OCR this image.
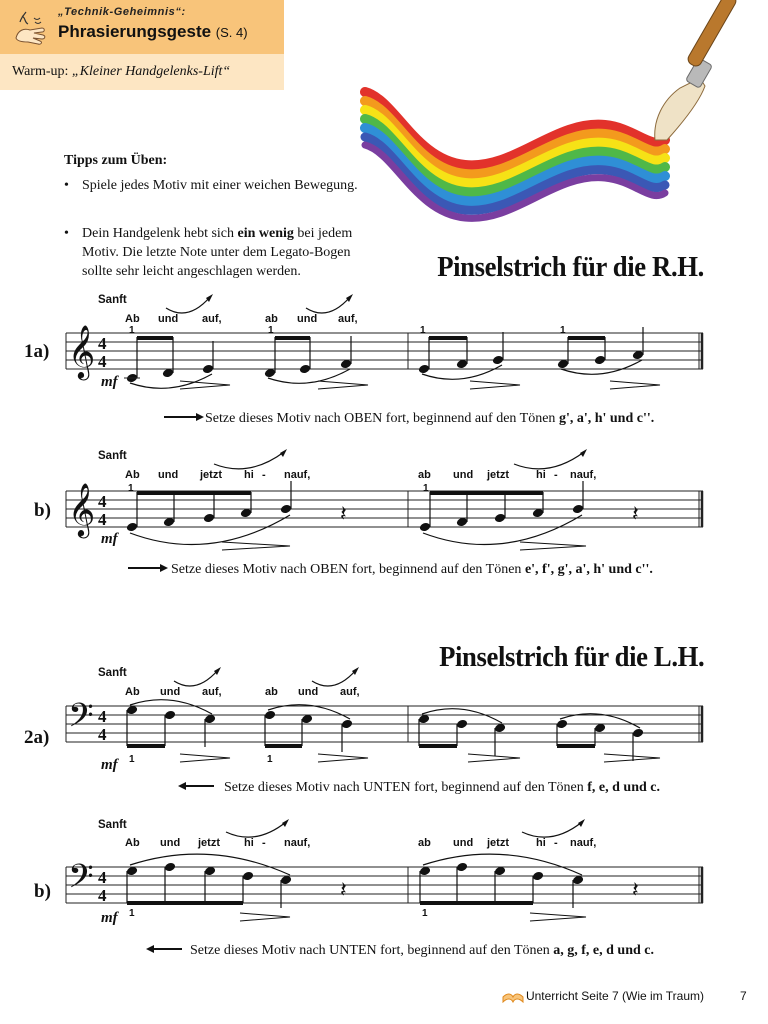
„Technik-Geheimnis“:
Phrasierungsgeste (S. 4)
Warm-up: „Kleiner Handgelenks-Lift“
Tipps zum Üben:
• Spiele jedes Motiv mit einer weichen Bewegung.
• Dein Handgelenk hebt sich ein wenig bei jedem Motiv. Die letzte Note unter dem Legato-Bogen sollte sehr leicht angeschlagen werden.	Pinselstrich für die R.H.
Pinselstrich für die L.H.
𝄞 4
4
Ab und auf,	ab und auf,
1	1	1	1
𝄞 4
4
Ab und jetzt hi - nauf,	ab und jetzt hi - nauf,
1	1
𝄽	𝄽
𝄢 4
4
Ab und auf,	ab und auf,
1	1
𝄢 4
4
Ab und jetzt hi - nauf,	ab und jetzt hi - nauf,
1	1
𝄽	𝄽
1a)
Sanft
mf
Setze dieses Motiv nach OBEN fort, beginnend auf den Tönen g', a', h' und c''.
b)
Sanft
mf
Setze dieses Motiv nach OBEN fort, beginnend auf den Tönen e', f', g', a', h' und c''.
2a)
Sanft
mf
Setze dieses Motiv nach UNTEN fort, beginnend auf den Tönen f, e, d und c.
b)
Sanft
mf
Setze dieses Motiv nach UNTEN fort, beginnend auf den Tönen a, g, f, e, d und c.
Unterricht Seite 7 (Wie im Traum)	7
